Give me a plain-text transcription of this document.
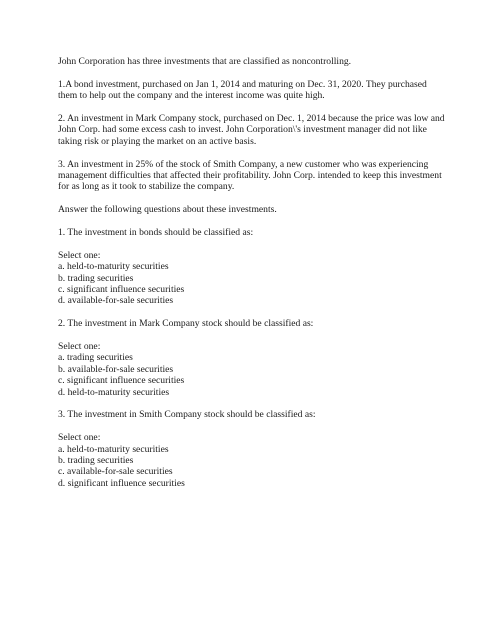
John Corporation has three investments that are classified as noncontrolling.

1.A bond investment, purchased on Jan 1, 2014 and maturing on Dec. 31, 2020. They purchased them to help out the company and the interest income was quite high.

2. An investment in Mark Company stock, purchased on Dec. 1, 2014 because the price was low and John Corp. had some excess cash to invest. John Corporation\'s investment manager did not like taking risk or playing the market on an active basis.

3. An investment in 25% of the stock of Smith Company, a new customer who was experiencing management difficulties that affected their profitability. John Corp. intended to keep this investment for as long as it took to stabilize the company.

Answer the following questions about these investments.

1. The investment in bonds should be classified as:

Select one:
a. held-to-maturity securities
b. trading securities
c. significant influence securities
d. available-for-sale securities

2. The investment in Mark Company stock should be classified as:

Select one:
a. trading securities
b. available-for-sale securities
c. significant influence securities
d. held-to-maturity securities

3. The investment in Smith Company stock should be classified as:

Select one:
a. held-to-maturity securities
b. trading securities
c. available-for-sale securities
d. significant influence securities
